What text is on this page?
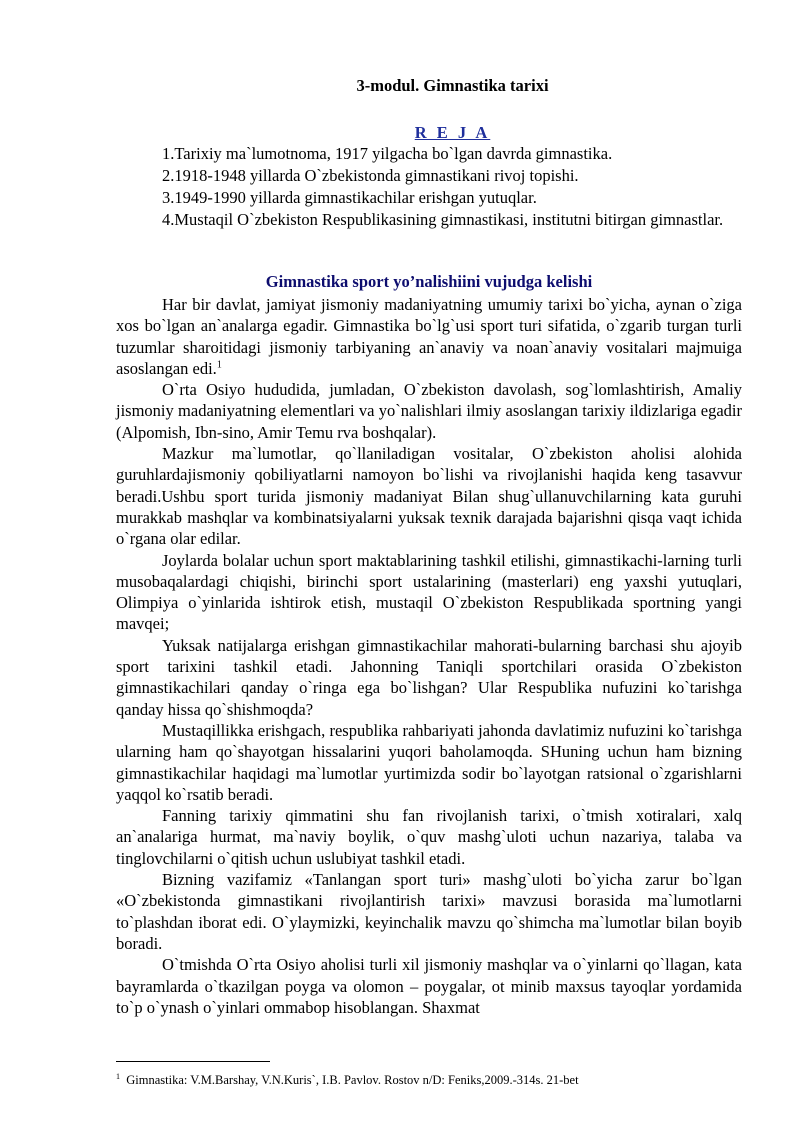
3-modul. Gimnastika tarixi
R E J A
1.Tarixiy ma`lumotnoma, 1917 yilgacha bo`lgan davrda gimnastika.
2.1918-1948 yillarda O`zbekistonda gimnastikani rivoj topishi.
3.1949-1990 yillarda gimnastikachilar erishgan yutuqlar.
4.Mustaqil O`zbekiston Respublikasining gimnastikasi, institutni bitirgan gimnastlar.
Gimnastika sport yo’nalishiini vujudga kelishi

Har bir davlat, jamiyat jismoniy madaniyatning umumiy tarixi bo`yicha, aynan o`ziga xos bo`lgan an`analarga egadir. Gimnastika bo`lg`usi sport turi sifatida, o`zgarib turgan turli tuzumlar sharoitidagi jismoniy tarbiyaning an`anaviy va noan`anaviy vositalari majmuiga asoslangan edi.$^1$

O`rta Osiyo hududida, jumladan, O`zbekiston davolash, sog`lomlashtirish, Amaliy jismoniy madaniyatning elementlari va yo`nalishlari ilmiy asoslangan tarixiy ildizlariga egadir (Alpomish, Ibn-sino, Amir Temu rva boshqalar).

Mazkur ma`lumotlar, qo`llaniladigan vositalar, O`zbekiston aholisi alohida guruhlardajismoniy qobiliyatlarni namoyon bo`lishi va rivojlanishi haqida keng tasavvur beradi.Ushbu sport turida jismoniy madaniyat Bilan shug`ullanuvchilarning kata guruhi murakkab mashqlar va kombinatsiyalarni yuksak texnik darajada bajarishni qisqa vaqt ichida o`rgana olar edilar.

Joylarda bolalar uchun sport maktablarining tashkil etilishi, gimnastikachi-larning turli musobaqalardagi chiqishi, birinchi sport ustalarining (masterlari) eng yaxshi yutuqlari, Olimpiya o`yinlarida ishtirok etish, mustaqil O`zbekiston Respublikada sportning yangi mavqei;

Yuksak natijalarga erishgan gimnastikachilar mahorati-bularning barchasi shu ajoyib sport tarixini tashkil etadi. Jahonning Taniqli sportchilari orasida O`zbekiston gimnastikachilari qanday o`ringa ega bo`lishgan? Ular Respublika nufuzini ko`tarishga qanday hissa qo`shishmoqda?

Mustaqillikka erishgach, respublika rahbariyati jahonda davlatimiz nufuzini ko`tarishga ularning ham qo`shayotgan hissalarini yuqori baholamoqda. SHuning uchun ham bizning gimnastikachilar haqidagi ma`lumotlar yurtimizda sodir bo`layotgan ratsional o`zgarishlarni yaqqol ko`rsatib beradi.

Fanning tarixiy qimmatini shu fan rivojlanish tarixi, o`tmish xotiralari, xalq an`analariga hurmat, ma`naviy boylik, o`quv mashg`uloti uchun nazariya, talaba va tinglovchilarni o`qitish uchun uslubiyat tashkil etadi.

Bizning vazifamiz «Tanlangan sport turi» mashg`uloti bo`yicha zarur bo`lgan «O`zbekistonda gimnastikani rivojlantirish tarixi» mavzusi borasida ma`lumotlarni to`plashdan iborat edi. O`ylaymizki, keyinchalik mavzu qo`shimcha ma`lumotlar bilan boyib boradi.

O`tmishda O`rta Osiyo aholisi turli xil jismoniy mashqlar va o`yinlarni qo`llagan, kata bayramlarda o`tkazilgan poyga va olomon – poygalar, ot minib maxsus tayoqlar yordamida to`p o`ynash o`yinlari ommabop hisoblangan. Shaxmat

$^1$ Gimnastika: V.M.Barshay, V.N.Kuris`, I.B. Pavlov. Rostov n/D: Feniks,2009.-314s. 21-bet
